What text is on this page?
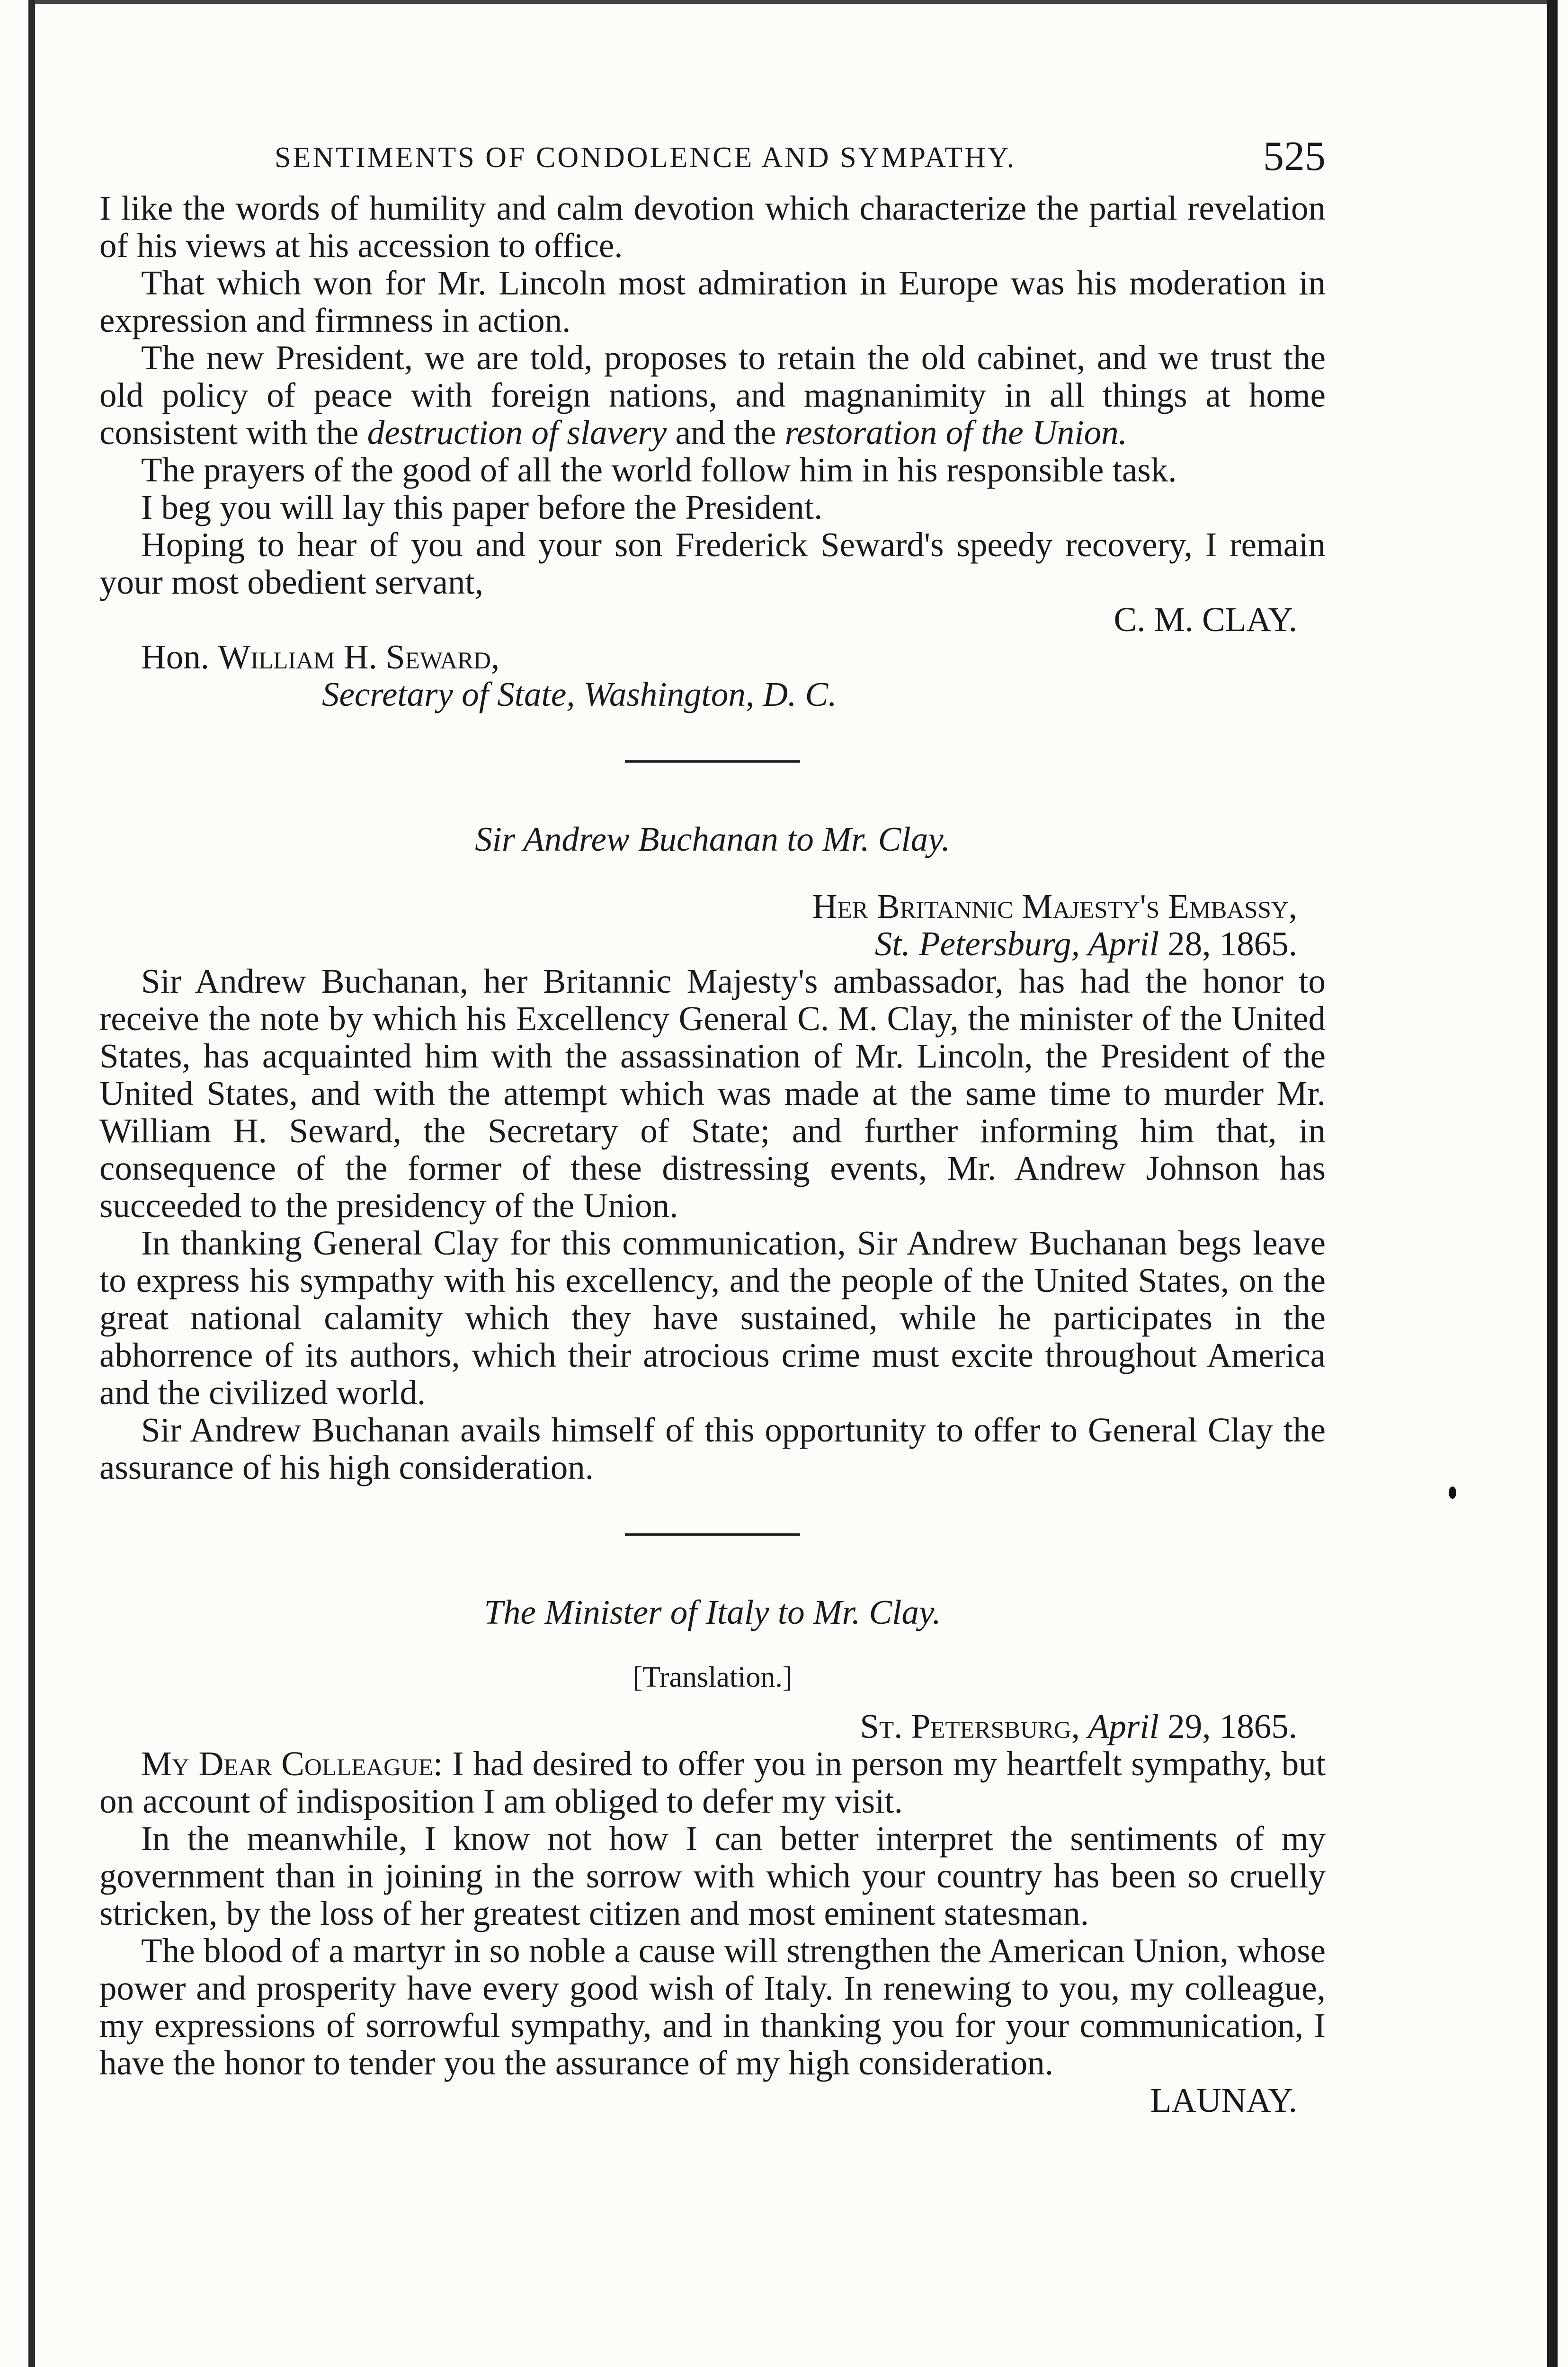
SENTIMENTS OF CONDOLENCE AND SYMPATHY.	525

I like the words of humility and calm devotion which characterize the partial revelation of his views at his accession to office.

That which won for Mr. Lincoln most admiration in Europe was his moderation in expression and firmness in action.

The new President, we are told, proposes to retain the old cabinet, and we trust the old policy of peace with foreign nations, and magnanimity in all things at home consistent with the destruction of slavery and the restoration of the Union.

The prayers of the good of all the world follow him in his responsible task.

I beg you will lay this paper before the President.

Hoping to hear of you and your son Frederick Seward's speedy recovery, I remain your most obedient servant,

C. M. CLAY.

Hon. William H. Seward,

Secretary of State, Washington, D. C.

Sir Andrew Buchanan to Mr. Clay.

Her Britannic Majesty's Embassy,

St. Petersburg, April 28, 1865.

Sir Andrew Buchanan, her Britannic Majesty's ambassador, has had the honor to receive the note by which his Excellency General C. M. Clay, the minister of the United States, has acquainted him with the assassination of Mr. Lincoln, the President of the United States, and with the attempt which was made at the same time to murder Mr. William H. Seward, the Secretary of State; and further informing him that, in consequence of the former of these distressing events, Mr. Andrew Johnson has succeeded to the presidency of the Union.

In thanking General Clay for this communication, Sir Andrew Buchanan begs leave to express his sympathy with his excellency, and the people of the United States, on the great national calamity which they have sustained, while he participates in the abhorrence of its authors, which their atrocious crime must excite throughout America and the civilized world.

Sir Andrew Buchanan avails himself of this opportunity to offer to General Clay the assurance of his high consideration.

The Minister of Italy to Mr. Clay.
[Translation.]

St. Petersburg, April 29, 1865.

My Dear Colleague: I had desired to offer you in person my heartfelt sympathy, but on account of indisposition I am obliged to defer my visit.

In the meanwhile, I know not how I can better interpret the sentiments of my government than in joining in the sorrow with which your country has been so cruelly stricken, by the loss of her greatest citizen and most eminent statesman.

The blood of a martyr in so noble a cause will strengthen the American Union, whose power and prosperity have every good wish of Italy. In renewing to you, my colleague, my expressions of sorrowful sympathy, and in thanking you for your communication, I have the honor to tender you the assurance of my high consideration.

LAUNAY.
